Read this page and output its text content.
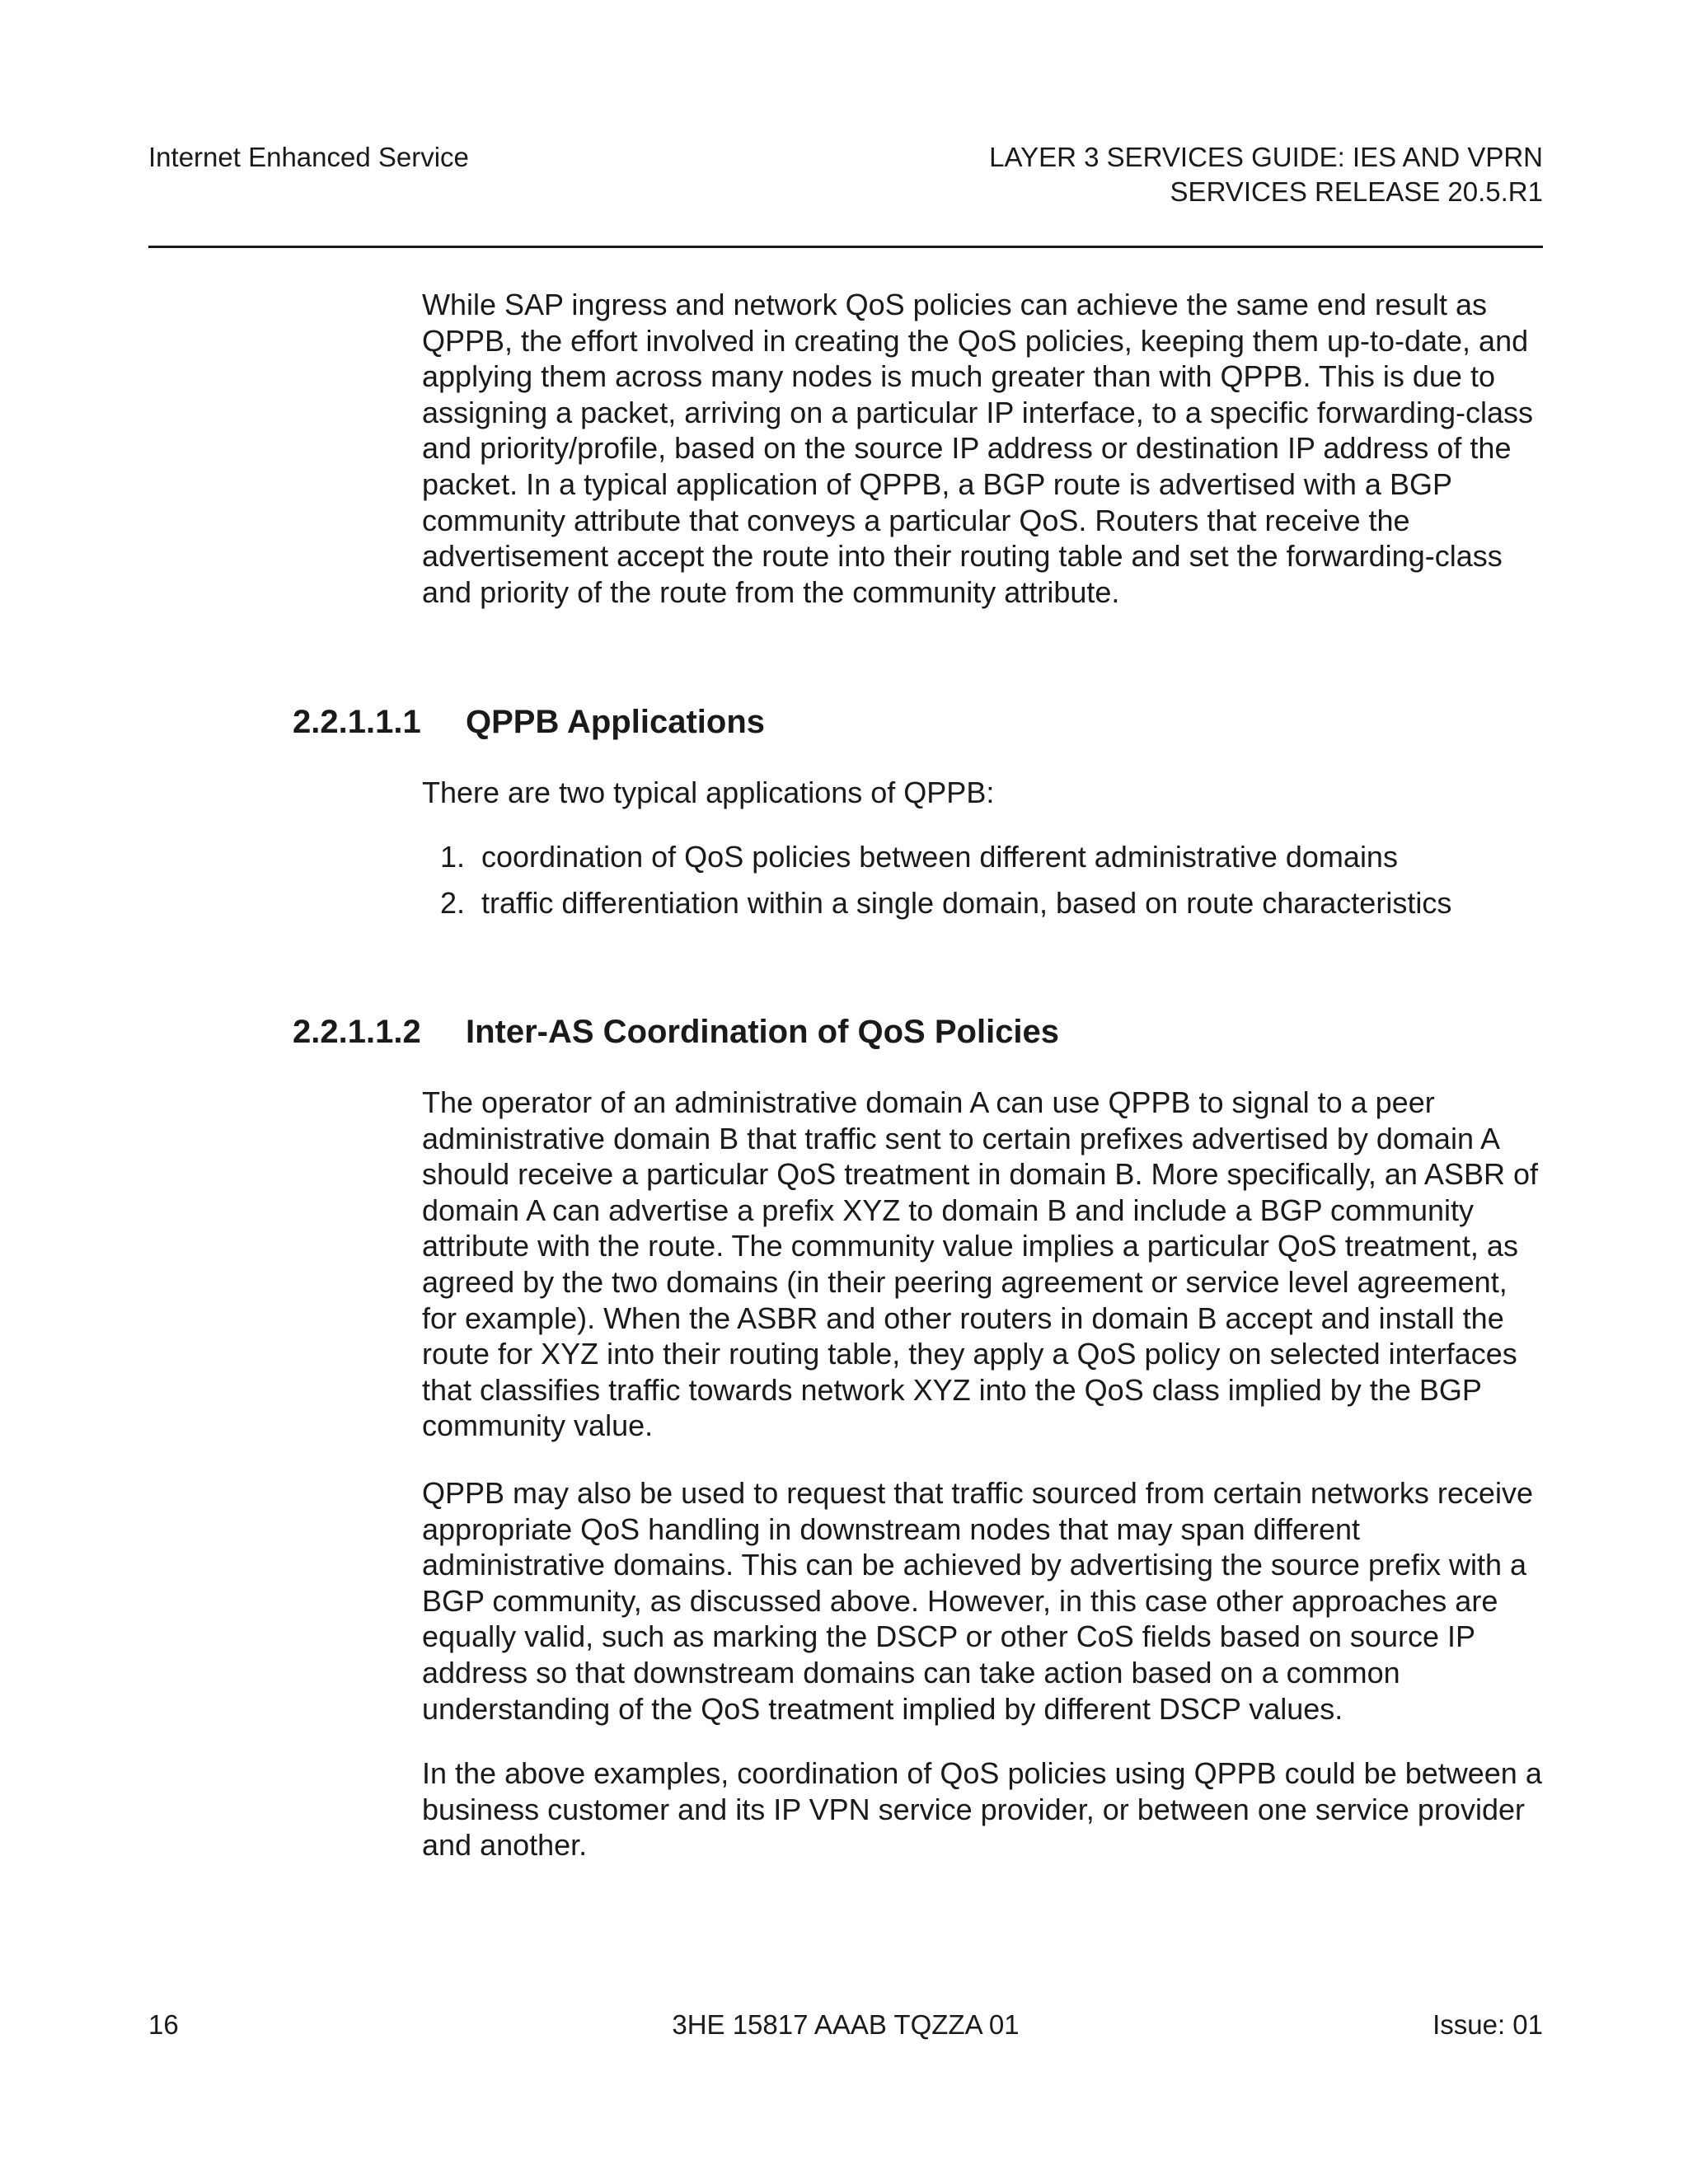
Internet Enhanced Service	LAYER 3 SERVICES GUIDE: IES AND VPRN
SERVICES RELEASE 20.5.R1

While SAP ingress and network QoS policies can achieve the same end result as QPPB, the effort involved in creating the QoS policies, keeping them up-to-date, and applying them across many nodes is much greater than with QPPB. This is due to assigning a packet, arriving on a particular IP interface, to a specific forwarding-class and priority/profile, based on the source IP address or destination IP address of the packet. In a typical application of QPPB, a BGP route is advertised with a BGP community attribute that conveys a particular QoS. Routers that receive the advertisement accept the route into their routing table and set the forwarding-class and priority of the route from the community attribute.

2.2.1.1.1 QPPB Applications

There are two typical applications of QPPB:

1. coordination of QoS policies between different administrative domains

2. traffic differentiation within a single domain, based on route characteristics

2.2.1.1.2 Inter-AS Coordination of QoS Policies

The operator of an administrative domain A can use QPPB to signal to a peer administrative domain B that traffic sent to certain prefixes advertised by domain A should receive a particular QoS treatment in domain B. More specifically, an ASBR of domain A can advertise a prefix XYZ to domain B and include a BGP community attribute with the route. The community value implies a particular QoS treatment, as agreed by the two domains (in their peering agreement or service level agreement, for example). When the ASBR and other routers in domain B accept and install the route for XYZ into their routing table, they apply a QoS policy on selected interfaces that classifies traffic towards network XYZ into the QoS class implied by the BGP community value.

QPPB may also be used to request that traffic sourced from certain networks receive appropriate QoS handling in downstream nodes that may span different administrative domains. This can be achieved by advertising the source prefix with a BGP community, as discussed above. However, in this case other approaches are equally valid, such as marking the DSCP or other CoS fields based on source IP address so that downstream domains can take action based on a common understanding of the QoS treatment implied by different DSCP values.

In the above examples, coordination of QoS policies using QPPB could be between a business customer and its IP VPN service provider, or between one service provider and another.

16	3HE 15817 AAAB TQZZA 01	Issue: 01
